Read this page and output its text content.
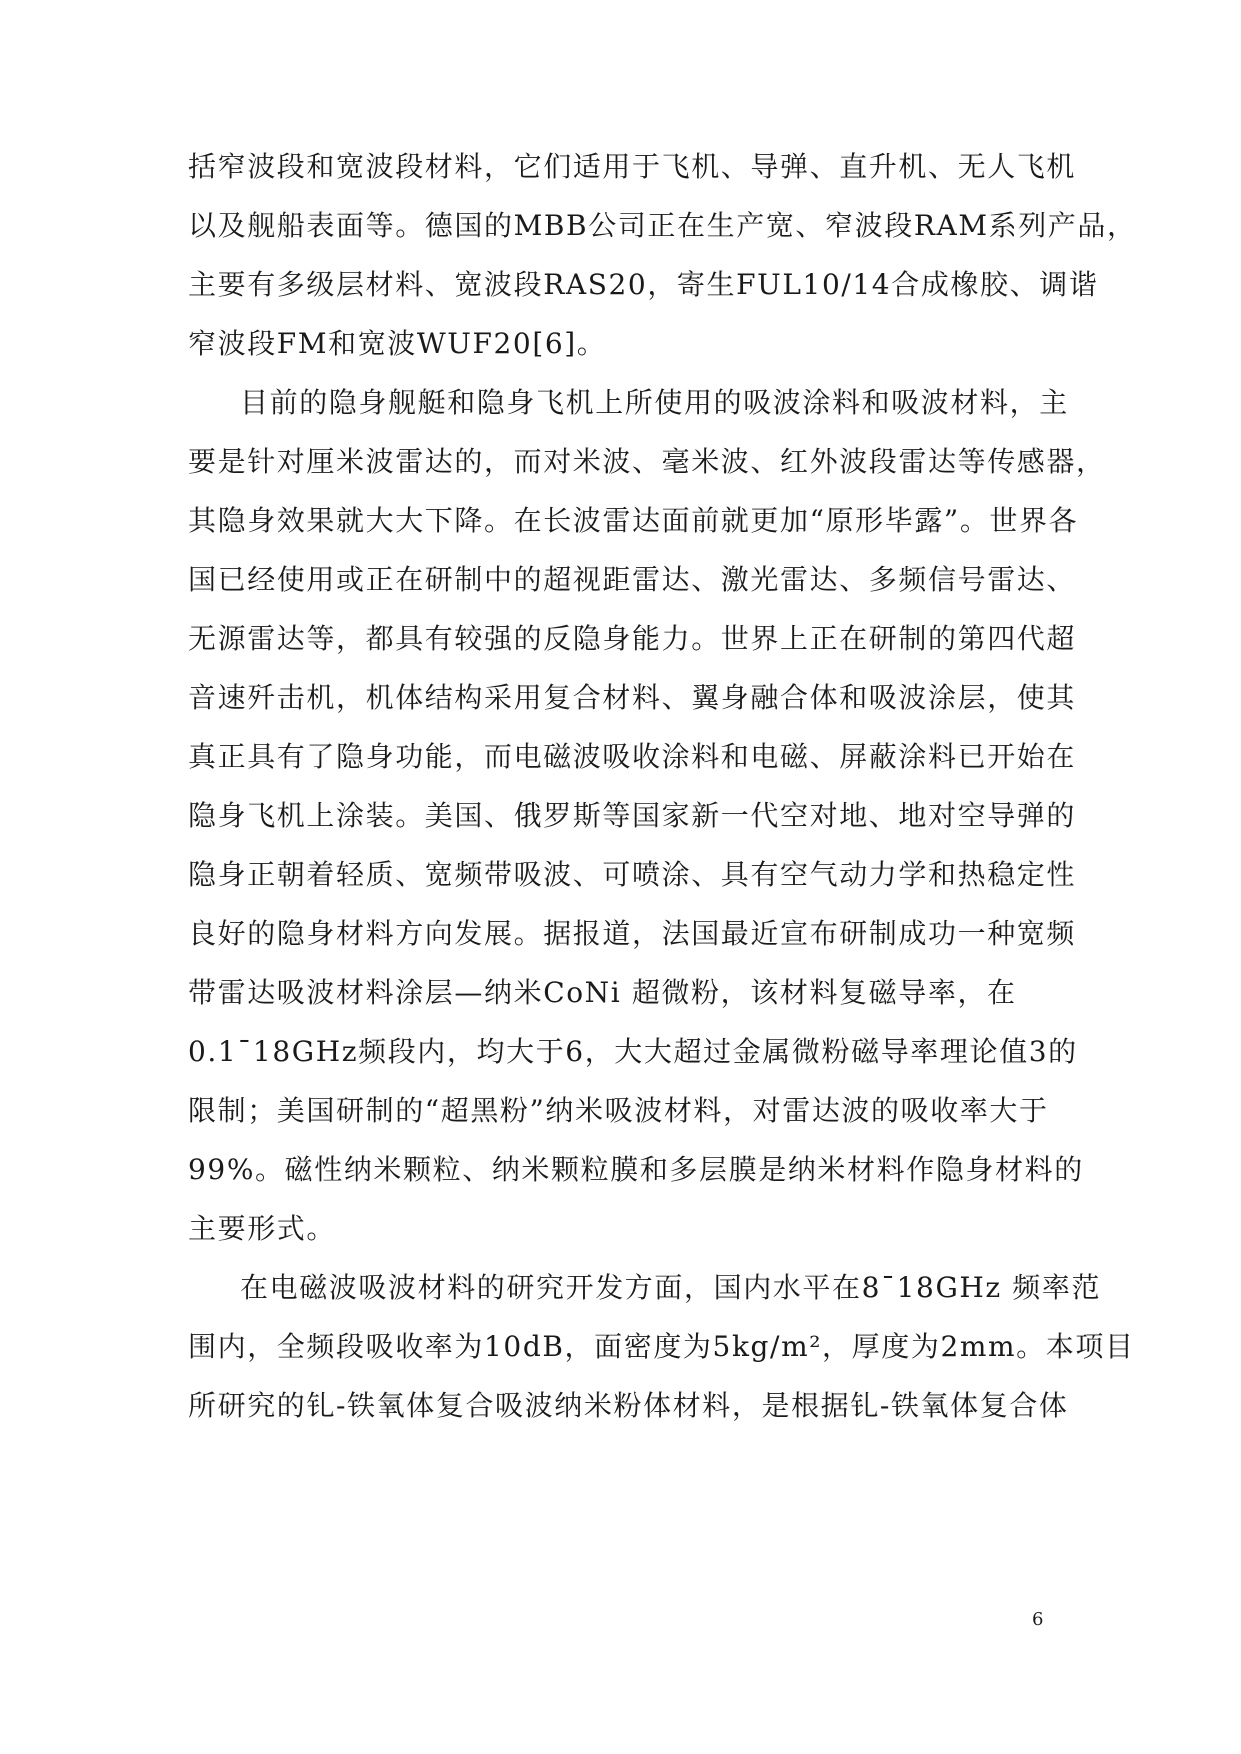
括窄波段和宽波段材料，它们适用于飞机、导弹、直升机、无人飞机
以及舰船表面等。德国的MBB公司正在生产宽、窄波段RAM系列产品，
主要有多级层材料、宽波段RAS20，寄生FUL10/14合成橡胶、调谐
窄波段FM和宽波WUF20[6]。
目前的隐身舰艇和隐身飞机上所使用的吸波涂料和吸波材料，主
要是针对厘米波雷达的，而对米波、毫米波、红外波段雷达等传感器，
其隐身效果就大大下降。在长波雷达面前就更加“原形毕露”。世界各
国已经使用或正在研制中的超视距雷达、激光雷达、多频信号雷达、
无源雷达等，都具有较强的反隐身能力。世界上正在研制的第四代超
音速歼击机，机体结构采用复合材料、翼身融合体和吸波涂层，使其
真正具有了隐身功能，而电磁波吸收涂料和电磁、屏蔽涂料已开始在
隐身飞机上涂装。美国、俄罗斯等国家新一代空对地、地对空导弹的
隐身正朝着轻质、宽频带吸波、可喷涂、具有空气动力学和热稳定性
良好的隐身材料方向发展。据报道，法国最近宣布研制成功一种宽频
带雷达吸波材料涂层—纳米CoNi 超微粉，该材料复磁导率，在
0.1¯18GHz频段内，均大于6，大大超过金属微粉磁导率理论值3的
限制；美国研制的“超黑粉”纳米吸波材料，对雷达波的吸收率大于
99%。磁性纳米颗粒、纳米颗粒膜和多层膜是纳米材料作隐身材料的
主要形式。
在电磁波吸波材料的研究开发方面，国内水平在8¯18GHz 频率范
围内，全频段吸收率为10dB，面密度为5kg/m²，厚度为2mm。本项目
所研究的钆-铁氧体复合吸波纳米粉体材料，是根据钆-铁氧体复合体
6
